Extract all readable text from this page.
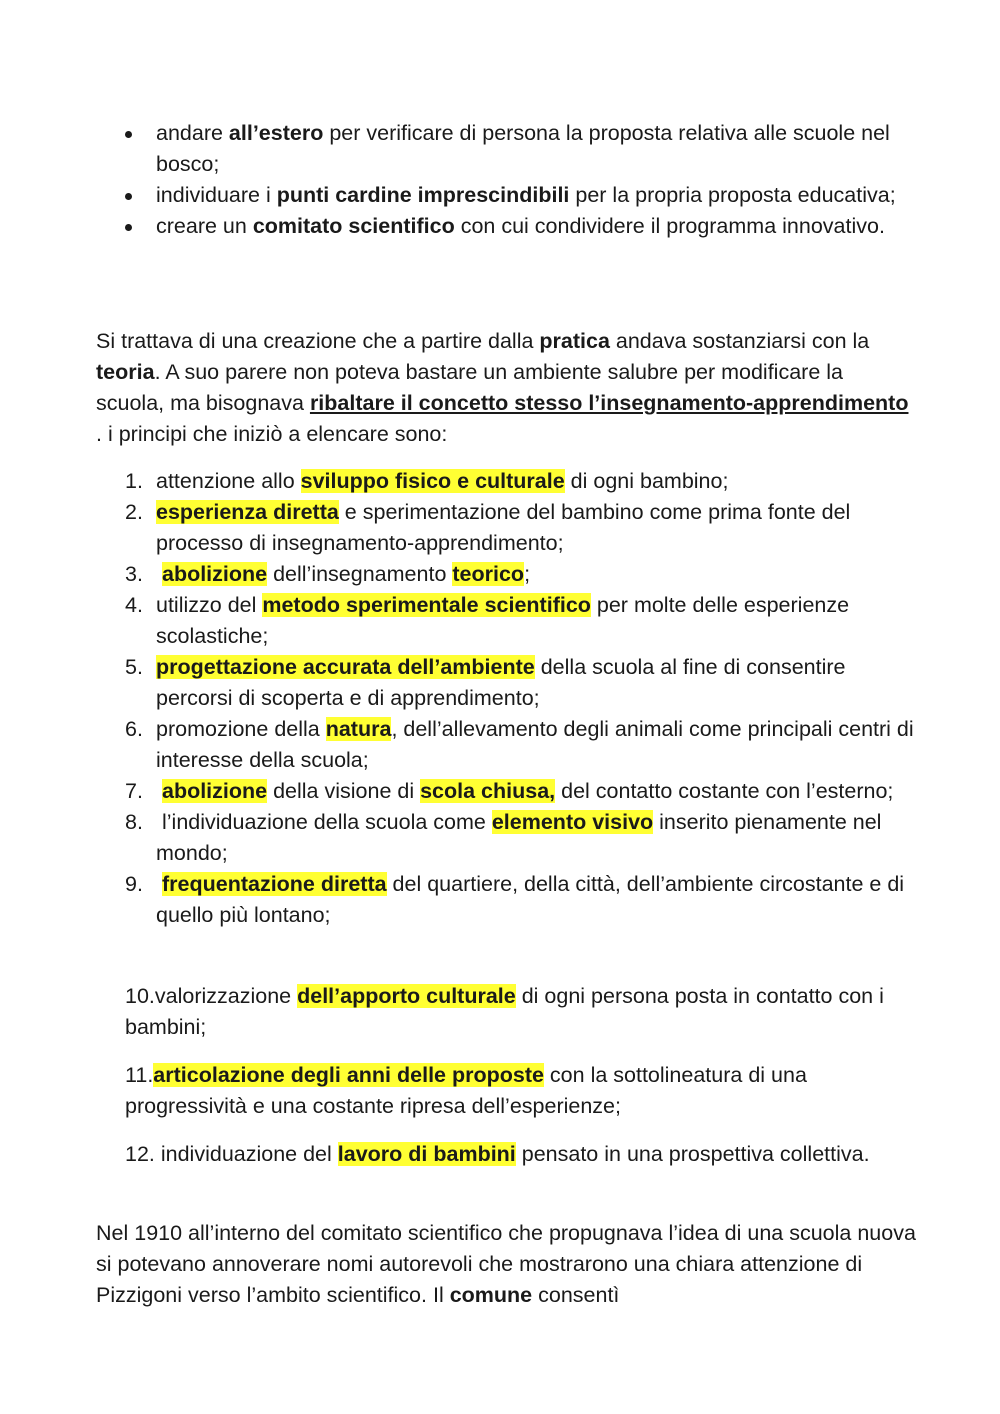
andare all’estero per verificare di persona la proposta relativa alle scuole nel bosco;
individuare i punti cardine imprescindibili per la propria proposta educativa;
creare un comitato scientifico con cui condividere il programma innovativo.

Si trattava di una creazione che a partire dalla pratica andava sostanziarsi con la teoria. A suo parere non poteva bastare un ambiente salubre per modificare la scuola, ma bisognava ribaltare il concetto stesso l’insegnamento-apprendimento . i principi che iniziò a elencare sono:

1. attenzione allo sviluppo fisico e culturale di ogni bambino;
2. esperienza diretta e sperimentazione del bambino come prima fonte del processo di insegnamento-apprendimento;
3. abolizione dell’insegnamento teorico;
4. utilizzo del metodo sperimentale scientifico per molte delle esperienze scolastiche;
5. progettazione accurata dell’ambiente della scuola al fine di consentire percorsi di scoperta e di apprendimento;
6. promozione della natura, dell’allevamento degli animali come principali centri di interesse della scuola;
7. abolizione della visione di scola chiusa, del contatto costante con l’esterno;
8. l’individuazione della scuola come elemento visivo inserito pienamente nel mondo;
9. frequentazione diretta del quartiere, della città, dell’ambiente circostante e di quello più lontano;

10.valorizzazione dell’apporto culturale di ogni persona posta in contatto con i bambini;

11.articolazione degli anni delle proposte con la sottolineatura di una progressività e una costante ripresa dell’esperienze;

12. individuazione del lavoro di bambini pensato in una prospettiva collettiva.

Nel 1910 all’interno del comitato scientifico che propugnava l’idea di una scuola nuova si potevano annoverare nomi autorevoli che mostrarono una chiara attenzione di Pizzigoni verso l’ambito scientifico. Il comune consentì
